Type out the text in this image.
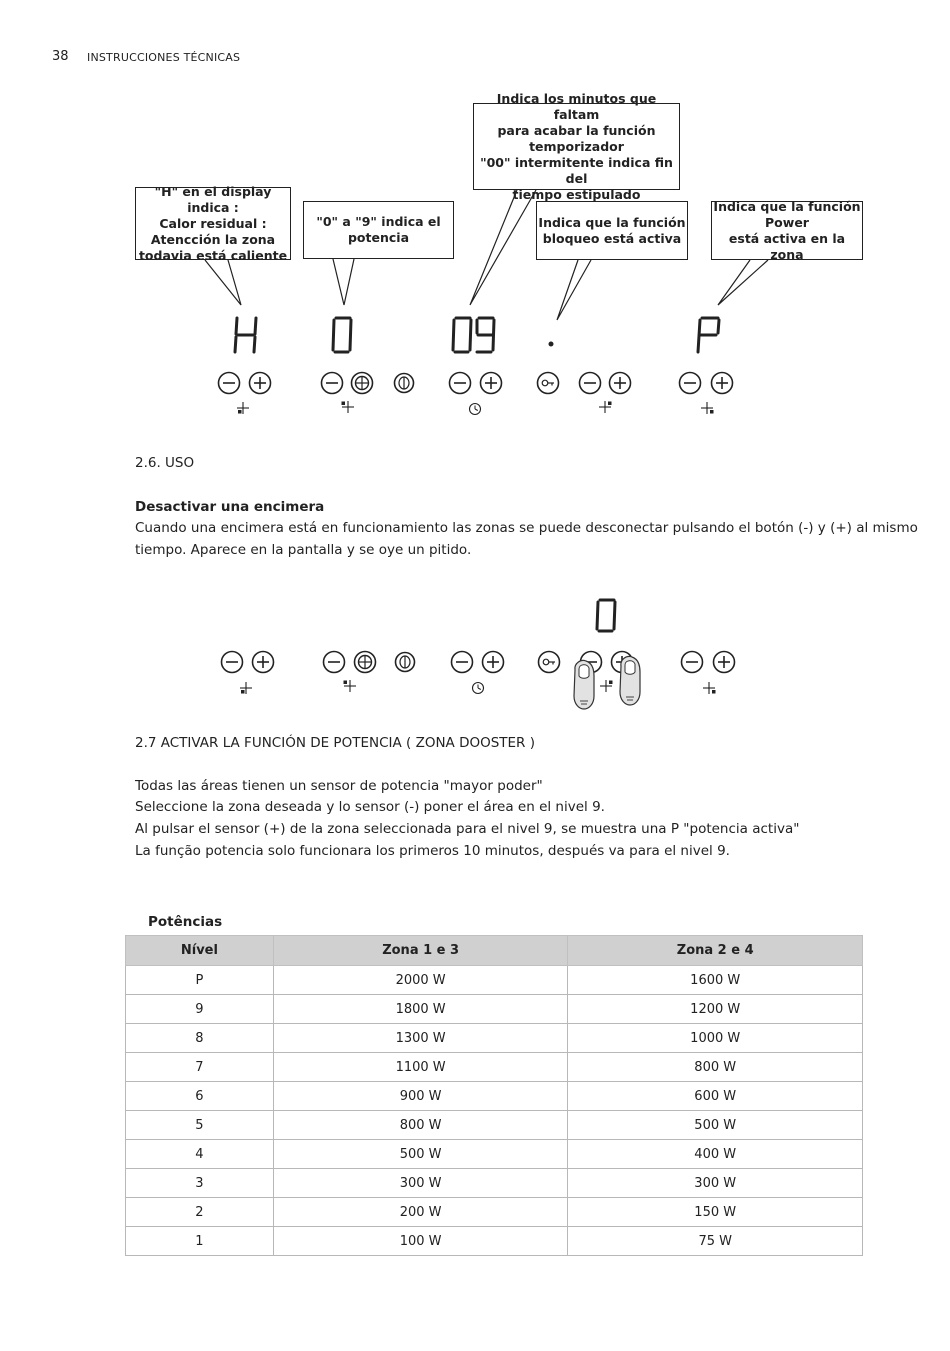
38 INSTRUCCIONES TÉCNICAS
"H" en el display indica :
Calor residual :
Atencción la zona
todavia está caliente
"0" a "9" indica el
potencia
Indica los minutos que faltam
para acabar la función
temporizador
"00" intermitente indica fin del
tiempo estipulado
Indica que la función
bloqueo está activa
Indica que la función
Power
está activa en la zona
2.6. USO
Desactivar una encimera
Cuando una encimera está en funcionamiento las zonas se puede desconectar pulsando el botón (-) y (+) al mismo
tiempo. Aparece en la pantalla y se oye un pitido.
2.7 ACTIVAR LA FUNCIÓN DE POTENCIA ( ZONA DOOSTER )
Todas las áreas tienen un sensor de potencia "mayor poder"
Seleccione la zona deseada y lo sensor (-) poner el área en el nivel 9.
Al pulsar el sensor (+) de la zona seleccionada para el nivel 9, se muestra una P "potencia activa"
La função potencia solo funcionara los primeros 10 minutos, después va para el nivel 9.
Potências
Nível	Zona 1 e 3	Zona 2 e 4
P	2000 W	1600 W
9	1800 W	1200 W
8	1300 W	1000 W
7	1100 W	800 W
6	900 W	600 W
5	800 W	500 W
4	500 W	400 W
3	300 W	300 W
2	200 W	150 W
1	100 W	75 W
